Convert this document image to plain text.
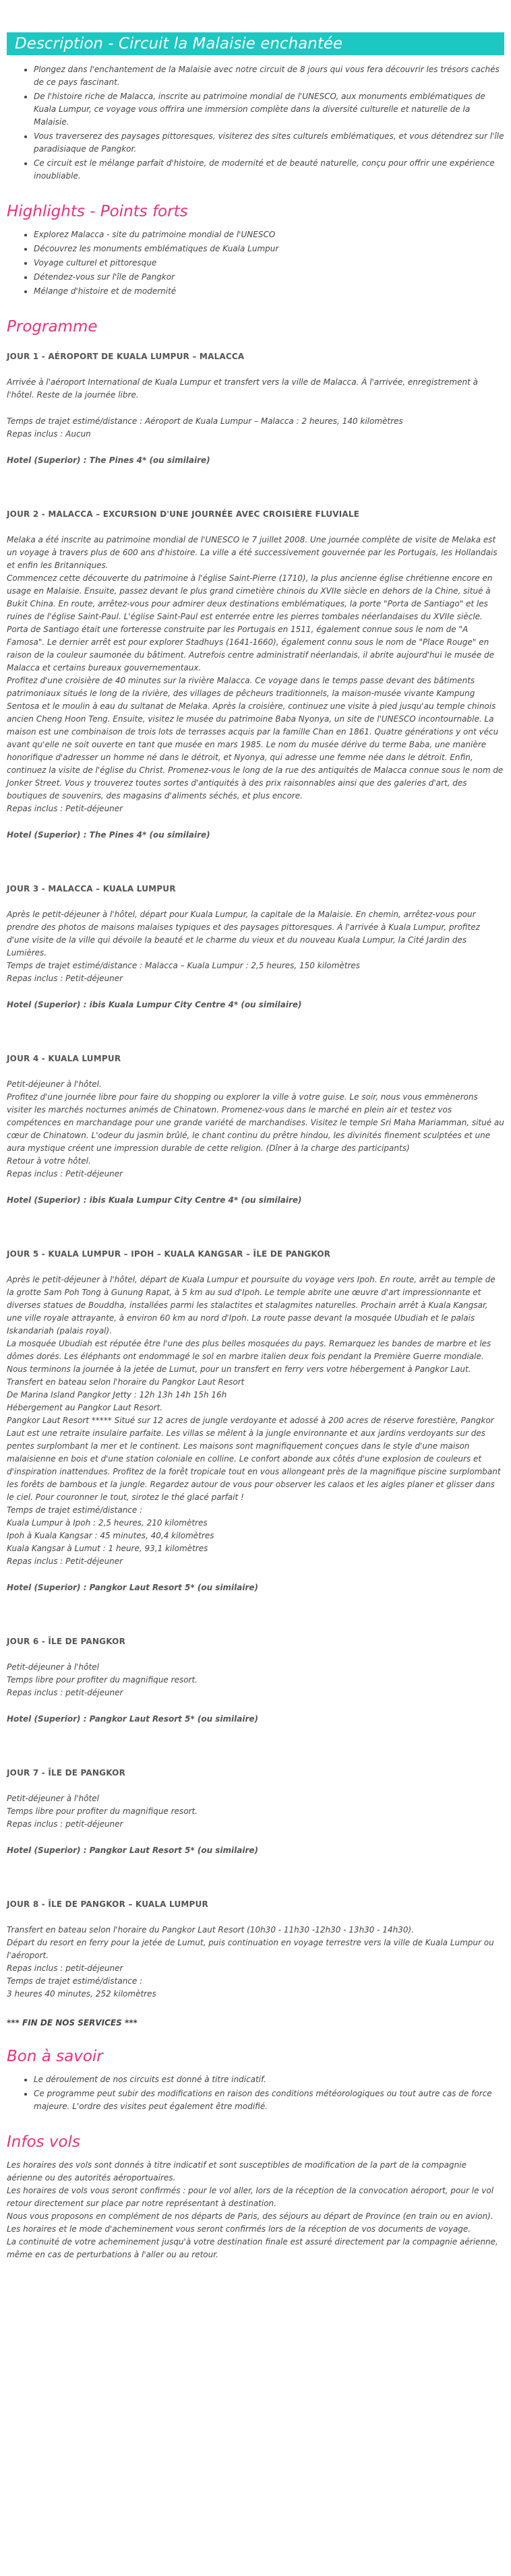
Description - Circuit la Malaisie enchantée
• Plongez dans l'enchantement de la Malaisie avec notre circuit de 8 jours qui vous fera découvrir les trésors cachés de ce pays fascinant.
• De l'histoire riche de Malacca, inscrite au patrimoine mondial de l'UNESCO, aux monuments emblématiques de Kuala Lumpur, ce voyage vous offrira une immersion complète dans la diversité culturelle et naturelle de la Malaisie.
• Vous traverserez des paysages pittoresques, visiterez des sites culturels emblématiques, et vous détendrez sur l'île paradisiaque de Pangkor.
• Ce circuit est le mélange parfait d'histoire, de modernité et de beauté naturelle, conçu pour offrir une expérience inoubliable.
Highlights - Points forts
• Explorez Malacca - site du patrimoine mondial de l'UNESCO
• Découvrez les monuments emblématiques de Kuala Lumpur
• Voyage culturel et pittoresque
• Détendez-vous sur l'île de Pangkor
• Mélange d'histoire et de modernité
Programme
JOUR 1 - AÉROPORT DE KUALA LUMPUR – MALACCA

Arrivée à l'aéroport International de Kuala Lumpur et transfert vers la ville de Malacca. À l'arrivée, enregistrement à l'hôtel. Reste de la journée libre.

Temps de trajet estimé/distance : Aéroport de Kuala Lumpur – Malacca : 2 heures, 140 kilomètres
Repas inclus : Aucun

Hotel (Superior) : The Pines 4* (ou similaire)
JOUR 2 - MALACCA – EXCURSION D'UNE JOURNÉE AVEC CROISIÈRE FLUVIALE

Melaka a été inscrite au patrimoine mondial de l'UNESCO le 7 juillet 2008. Une journée complète de visite de Melaka est un voyage à travers plus de 600 ans d'histoire. La ville a été successivement gouvernée par les Portugais, les Hollandais et enfin les Britanniques.
Commencez cette découverte du patrimoine à l'église Saint-Pierre (1710), la plus ancienne église chrétienne encore en usage en Malaisie. Ensuite, passez devant le plus grand cimetière chinois du XVIIe siècle en dehors de la Chine, situé à Bukit China. En route, arrêtez-vous pour admirer deux destinations emblématiques, la porte "Porta de Santiago" et les ruines de l'église Saint-Paul. L'église Saint-Paul est enterrée entre les pierres tombales néerlandaises du XVIIe siècle. Porta de Santiago était une forteresse construite par les Portugais en 1511, également connue sous le nom de "A Famosa". Le dernier arrêt est pour explorer Stadhuys (1641-1660), également connu sous le nom de "Place Rouge" en raison de la couleur saumonée du bâtiment. Autrefois centre administratif néerlandais, il abrite aujourd'hui le musée de Malacca et certains bureaux gouvernementaux.
Profitez d'une croisière de 40 minutes sur la rivière Malacca. Ce voyage dans le temps passe devant des bâtiments patrimoniaux situés le long de la rivière, des villages de pêcheurs traditionnels, la maison-musée vivante Kampung Sentosa et le moulin à eau du sultanat de Melaka. Après la croisière, continuez une visite à pied jusqu'au temple chinois ancien Cheng Hoon Teng. Ensuite, visitez le musée du patrimoine Baba Nyonya, un site de l'UNESCO incontournable. La maison est une combinaison de trois lots de terrasses acquis par la famille Chan en 1861. Quatre générations y ont vécu avant qu'elle ne soit ouverte en tant que musée en mars 1985. Le nom du musée dérive du terme Baba, une manière honorifique d'adresser un homme né dans le détroit, et Nyonya, qui adresse une femme née dans le détroit. Enfin, continuez la visite de l'église du Christ. Promenez-vous le long de la rue des antiquités de Malacca connue sous le nom de Jonker Street. Vous y trouverez toutes sortes d'antiquités à des prix raisonnables ainsi que des galeries d'art, des boutiques de souvenirs, des magasins d'aliments séchés, et plus encore.
Repas inclus : Petit-déjeuner

Hotel (Superior) : The Pines 4* (ou similaire)
JOUR 3 - MALACCA – KUALA LUMPUR

Après le petit-déjeuner à l'hôtel, départ pour Kuala Lumpur, la capitale de la Malaisie. En chemin, arrêtez-vous pour prendre des photos de maisons malaises typiques et des paysages pittoresques. À l'arrivée à Kuala Lumpur, profitez d'une visite de la ville qui dévoile la beauté et le charme du vieux et du nouveau Kuala Lumpur, la Cité Jardin des Lumières.
Temps de trajet estimé/distance : Malacca – Kuala Lumpur : 2,5 heures, 150 kilomètres
Repas inclus : Petit-déjeuner

Hotel (Superior) : ibis Kuala Lumpur City Centre 4* (ou similaire)
JOUR 4 - KUALA LUMPUR

Petit-déjeuner à l'hôtel.
Profitez d'une journée libre pour faire du shopping ou explorer la ville à votre guise. Le soir, nous vous emmènerons visiter les marchés nocturnes animés de Chinatown. Promenez-vous dans le marché en plein air et testez vos compétences en marchandage pour une grande variété de marchandises. Visitez le temple Sri Maha Mariamman, situé au cœur de Chinatown. L'odeur du jasmin brûlé, le chant continu du prêtre hindou, les divinités finement sculptées et une aura mystique créent une impression durable de cette religion. (Dîner à la charge des participants)
Retour à votre hôtel.
Repas inclus : Petit-déjeuner

Hotel (Superior) : ibis Kuala Lumpur City Centre 4* (ou similaire)
JOUR 5 - KUALA LUMPUR – IPOH – KUALA KANGSAR – ÎLE DE PANGKOR

Après le petit-déjeuner à l'hôtel, départ de Kuala Lumpur et poursuite du voyage vers Ipoh. En route, arrêt au temple de la grotte Sam Poh Tong à Gunung Rapat, à 5 km au sud d'Ipoh. Le temple abrite une œuvre d'art impressionnante et diverses statues de Bouddha, installées parmi les stalactites et stalagmites naturelles. Prochain arrêt à Kuala Kangsar, une ville royale attrayante, à environ 60 km au nord d'Ipoh. La route passe devant la mosquée Ubudiah et le palais Iskandariah (palais royal).
La mosquée Ubudiah est réputée être l'une des plus belles mosquées du pays. Remarquez les bandes de marbre et les dômes dorés. Les éléphants ont endommagé le sol en marbre italien deux fois pendant la Première Guerre mondiale. Nous terminons la journée à la jetée de Lumut, pour un transfert en ferry vers votre hébergement à Pangkor Laut.
Transfert en bateau selon l'horaire du Pangkor Laut Resort
De Marina Island Pangkor Jetty : 12h 13h 14h 15h 16h
Hébergement au Pangkor Laut Resort.
Pangkor Laut Resort ***** Situé sur 12 acres de jungle verdoyante et adossé à 200 acres de réserve forestière, Pangkor Laut est une retraite insulaire parfaite. Les villas se mêlent à la jungle environnante et aux jardins verdoyants sur des pentes surplombant la mer et le continent. Les maisons sont magnifiquement conçues dans le style d'une maison malaisienne en bois et d'une station coloniale en colline. Le confort abonde aux côtés d'une explosion de couleurs et d'inspiration inattendues. Profitez de la forêt tropicale tout en vous allongeant près de la magnifique piscine surplombant les forêts de bambous et la jungle. Regardez autour de vous pour observer les calaos et les aigles planer et glisser dans le ciel. Pour couronner le tout, sirotez le thé glacé parfait !
Temps de trajet estimé/distance :
Kuala Lumpur à Ipoh : 2,5 heures, 210 kilomètres
Ipoh à Kuala Kangsar : 45 minutes, 40,4 kilomètres
Kuala Kangsar à Lumut : 1 heure, 93,1 kilomètres
Repas inclus : Petit-déjeuner

Hotel (Superior) : Pangkor Laut Resort 5* (ou similaire)
JOUR 6 - ÎLE DE PANGKOR

Petit-déjeuner à l'hôtel
Temps libre pour profiter du magnifique resort.
Repas inclus : petit-déjeuner

Hotel (Superior) : Pangkor Laut Resort 5* (ou similaire)
JOUR 7 - ÎLE DE PANGKOR

Petit-déjeuner à l'hôtel
Temps libre pour profiter du magnifique resort.
Repas inclus : petit-déjeuner

Hotel (Superior) : Pangkor Laut Resort 5* (ou similaire)
JOUR 8 - ÎLE DE PANGKOR – KUALA LUMPUR

Transfert en bateau selon l'horaire du Pangkor Laut Resort (10h30 - 11h30 -12h30 - 13h30 - 14h30).
Départ du resort en ferry pour la jetée de Lumut, puis continuation en voyage terrestre vers la ville de Kuala Lumpur ou l'aéroport.
Repas inclus : petit-déjeuner
Temps de trajet estimé/distance :
3 heures 40 minutes, 252 kilomètres

*** FIN DE NOS SERVICES ***
Bon à savoir
• Le déroulement de nos circuits est donné à titre indicatif.
• Ce programme peut subir des modifications en raison des conditions météorologiques ou tout autre cas de force majeure. L'ordre des visites peut également être modifié.
Infos vols

Les horaires des vols sont donnés à titre indicatif et sont susceptibles de modification de la part de la compagnie aérienne ou des autorités aéroportuaires.
Les horaires de vols vous seront confirmés : pour le vol aller, lors de la réception de la convocation aéroport, pour le vol retour directement sur place par notre représentant à destination.
Nous vous proposons en complément de nos départs de Paris, des séjours au départ de Province (en train ou en avion).
Les horaires et le mode d'acheminement vous seront confirmés lors de la réception de vos documents de voyage.
La continuité de votre acheminement jusqu'à votre destination finale est assuré directement par la compagnie aérienne, même en cas de perturbations à l'aller ou au retour.
